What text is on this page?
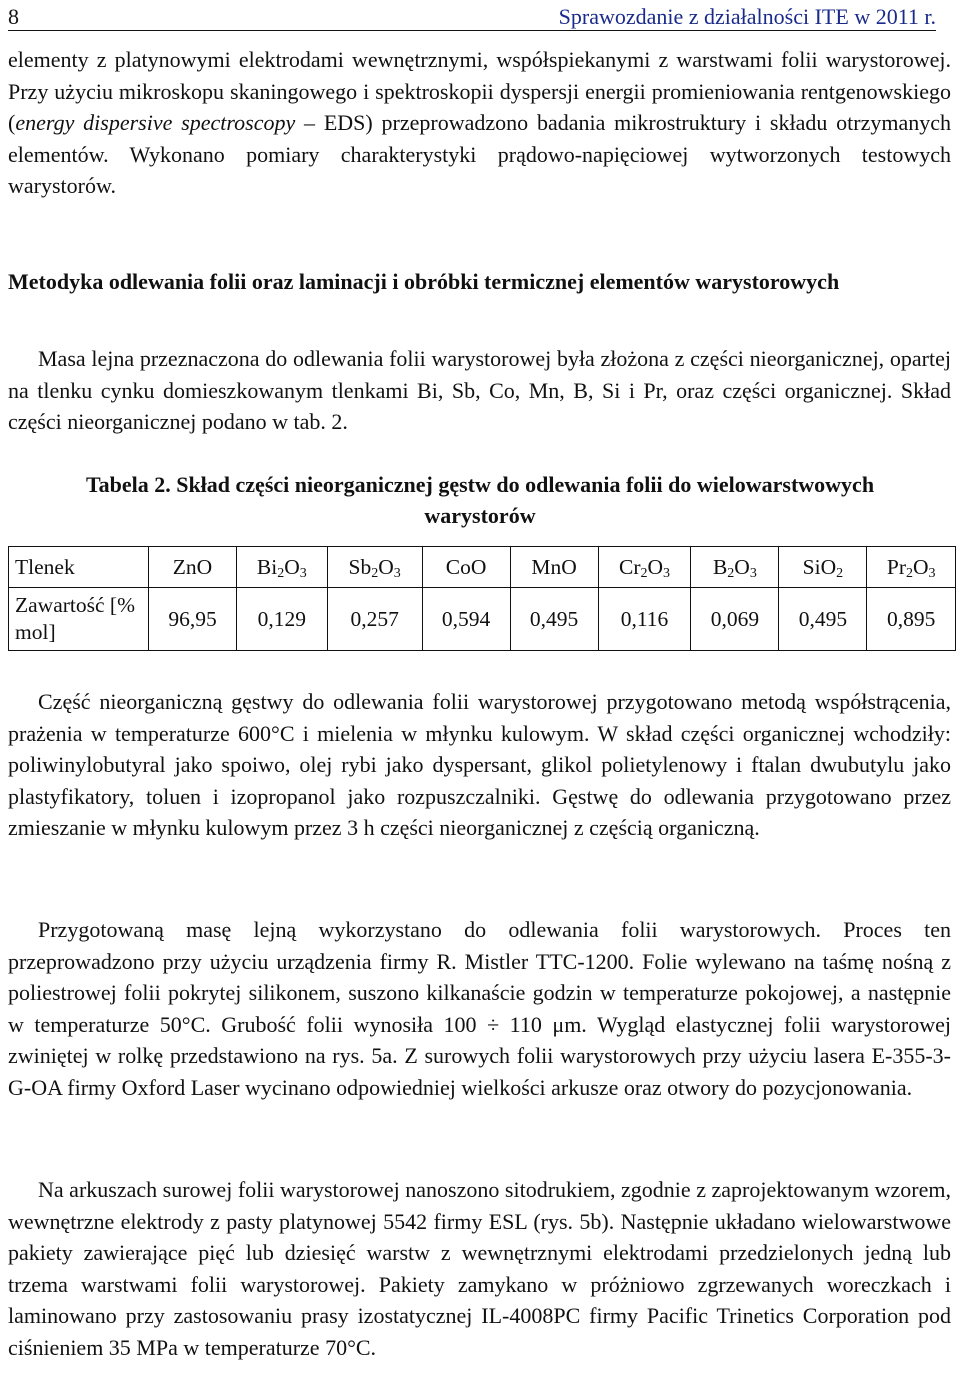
8	Sprawozdanie z działalności ITE w 2011 r.

elementy z platynowymi elektrodami wewnętrznymi, współspiekanymi z warstwami folii warystorowej. Przy użyciu mikroskopu skaningowego i spektroskopii dyspersji energii promieniowania rentgenowskiego (energy dispersive spectroscopy – EDS) przeprowadzono badania mikrostruktury i składu otrzymanych elementów. Wykonano pomiary charakterystyki prądowo-napięciowej wytworzonych testowych warystorów.

Metodyka odlewania folii oraz laminacji i obróbki termicznej elementów warystorowych

Masa lejna przeznaczona do odlewania folii warystorowej była złożona z części nieorganicznej, opartej na tlenku cynku domieszkowanym tlenkami Bi, Sb, Co, Mn, B, Si i Pr, oraz części organicznej. Skład części nieorganicznej podano w tab. 2.

Tabela 2. Skład części nieorganicznej gęstw do odlewania folii do wielowarstwowych warystorów

Tlenek	ZnO	$Bi_2O_3$	$Sb_2O_3$	CoO	MnO	$Cr_2O_3$	$B_2O_3$	SiO$_2$	$Pr_2O_3$
Zawartość [% mol]	96,95	0,129	0,257	0,594	0,495	0,116	0,069	0,495	0,895

Część nieorganiczną gęstwy do odlewania folii warystorowej przygotowano metodą współstrącenia, prażenia w temperaturze 600°C i mielenia w młynku kulowym. W skład części organicznej wchodziły: poliwinylobutyral jako spoiwo, olej rybi jako dyspersant, glikol polietylenowy i ftalan dwubutylu jako plastyfikatory, toluen i izopropanol jako rozpuszczalniki. Gęstwę do odlewania przygotowano przez zmieszanie w młynku kulowym przez 3 h części nieorganicznej z częścią organiczną.

Przygotowaną masę lejną wykorzystano do odlewania folii warystorowych. Proces ten przeprowadzono przy użyciu urządzenia firmy R. Mistler TTC-1200. Folie wylewano na taśmę nośną z poliestrowej folii pokrytej silikonem, suszono kilkanaście godzin w temperaturze pokojowej, a następnie w temperaturze 50°C. Grubość folii wynosiła 100 ÷ 110 μm. Wygląd elastycznej folii warystorowej zwiniętej w rolkę przedstawiono na rys. 5a. Z surowych folii warystorowych przy użyciu lasera E-355-3-G-OA firmy Oxford Laser wycinano odpowiedniej wielkości arkusze oraz otwory do pozycjonowania.

Na arkuszach surowej folii warystorowej nanoszono sitodrukiem, zgodnie z zaprojektowanym wzorem, wewnętrzne elektrody z pasty platynowej 5542 firmy ESL (rys. 5b). Następnie układano wielowarstwowe pakiety zawierające pięć lub dziesięć warstw z wewnętrznymi elektrodami przedzielonych jedną lub trzema warstwami folii warystorowej. Pakiety zamykano w próżniowo zgrzewanych woreczkach i laminowano przy zastosowaniu prasy izostatycznej IL-4008PC firmy Pacific Trinetics Corporation pod ciśnieniem 35 MPa w temperaturze 70°C.
